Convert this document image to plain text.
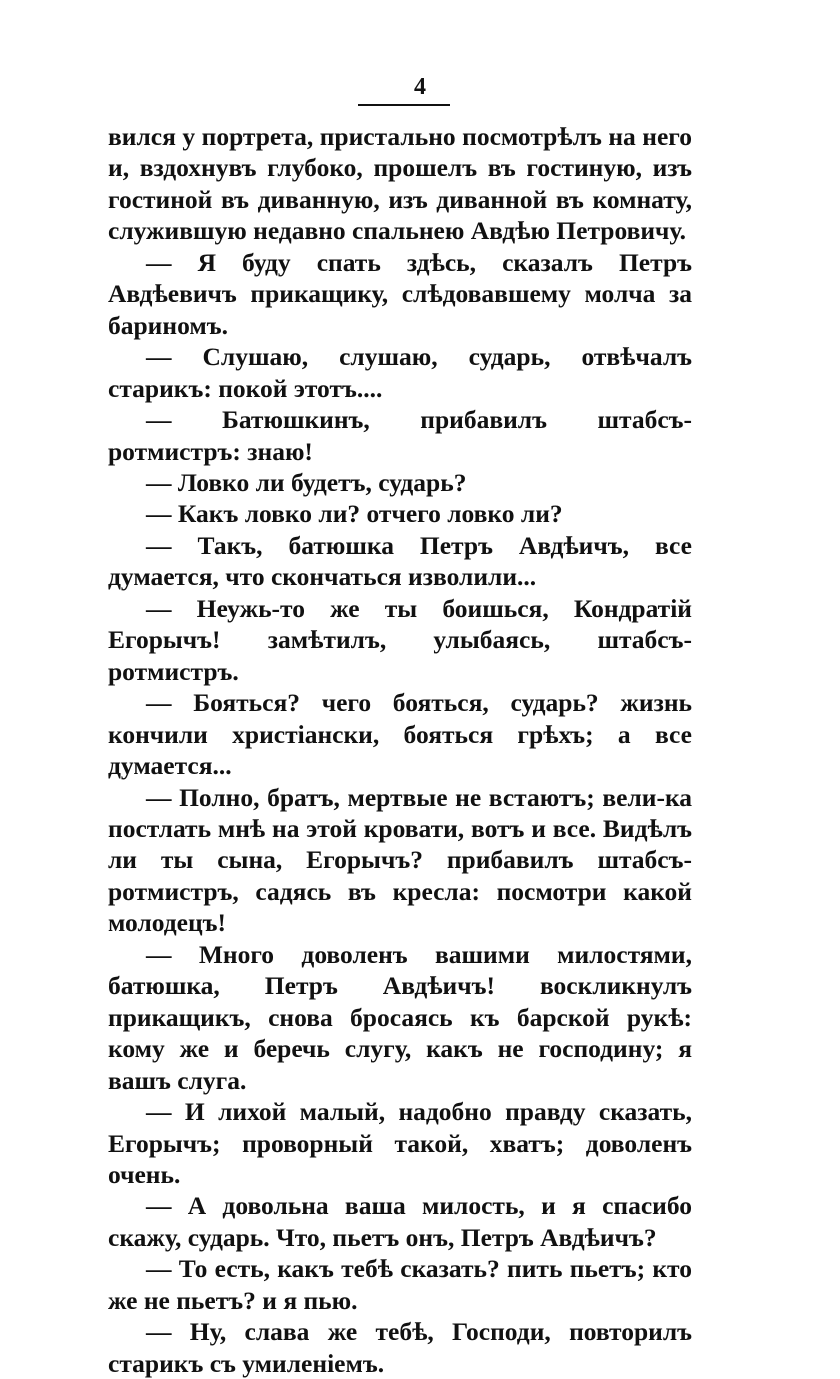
4

вился у портрета, пристально посмотрѣлъ на него и, вздохнувъ глубоко, прошелъ въ гостиную, изъ гостиной въ диванную, изъ диванной въ комнату, служившую недавно спальнею Авдѣю Петровичу.

— Я буду спать здѣсь, сказалъ Петръ Авдѣевичъ прикащику, слѣдовавшему молча за бариномъ.

— Слушаю, слушаю, сударь, отвѣчалъ старикъ: покой этотъ....

— Батюшкинъ, прибавилъ штабсъ-ротмистръ: знаю!

— Ловко ли будетъ, сударь?

— Какъ ловко ли? отчего ловко ли?

— Такъ, батюшка Петръ Авдѣичъ, все думается, что скончаться изволили...

— Неужь-то же ты боишься, Кондратій Егорычъ! замѣтилъ, улыбаясь, штабсъ-ротмистръ.

— Бояться? чего бояться, сударь? жизнь кончили христіански, бояться грѣхъ; а все думается...

— Полно, братъ, мертвые не встаютъ; вели-ка постлать мнѣ на этой кровати, вотъ и все. Видѣлъ ли ты сына, Егорычъ? прибавилъ штабсъ-ротмистръ, садясь въ кресла: посмотри какой молодецъ!

— Много доволенъ вашими милостями, батюшка, Петръ Авдѣичъ! воскликнулъ прикащикъ, снова бросаясь къ барской рукѣ: кому же и беречь слугу, какъ не господину; я вашъ слуга.

— И лихой малый, надобно правду сказать, Егорычъ; проворный такой, хватъ; доволенъ очень.

— А довольна ваша милость, и я спасибо скажу, сударь. Что, пьетъ онъ, Петръ Авдѣичъ?

— То есть, какъ тебѣ сказать? пить пьетъ; кто же не пьетъ? и я пью.

— Ну, слава же тебѣ, Господи, повторилъ старикъ съ умиленіемъ.
